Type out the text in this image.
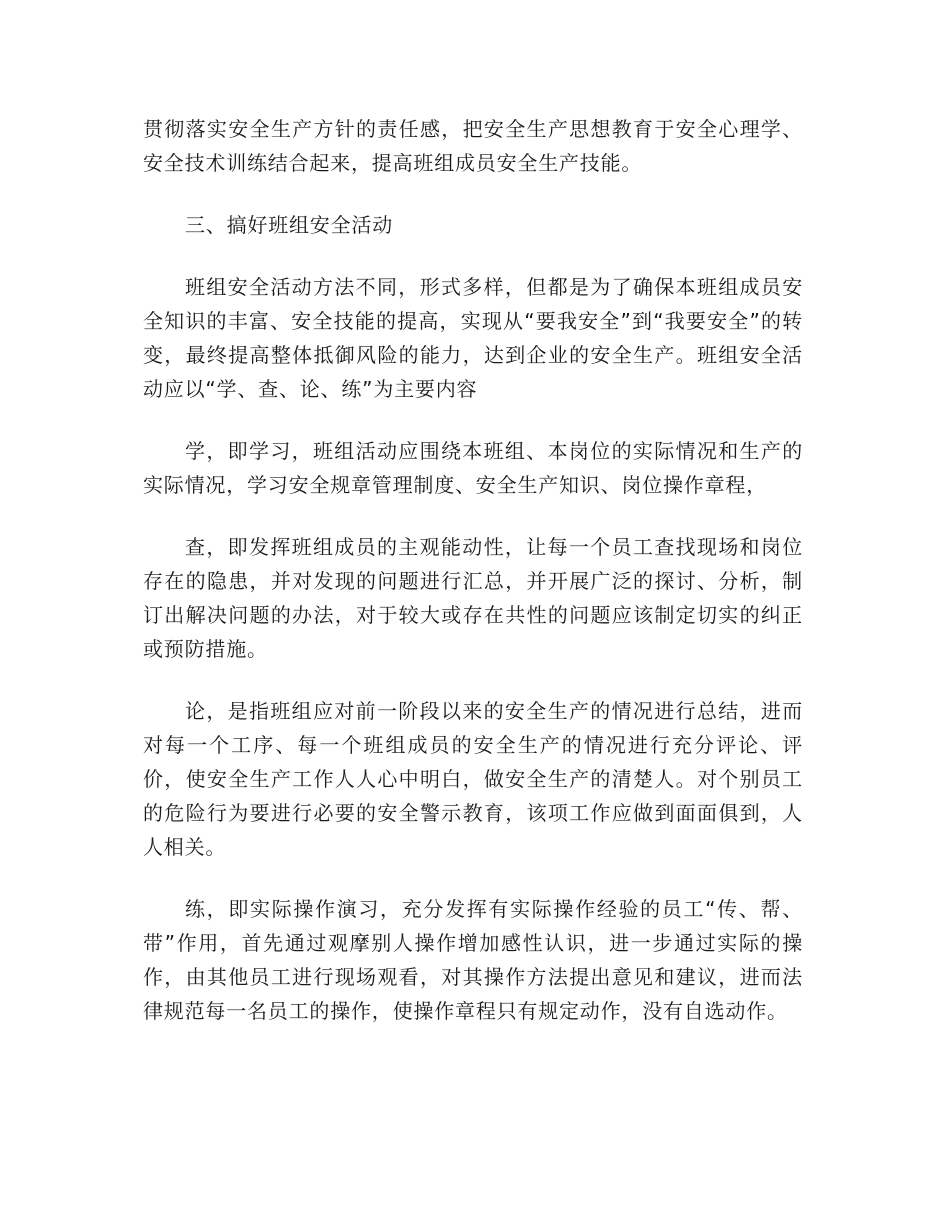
贯彻落实安全生产方针的责任感，把安全生产思想教育于安全心理学、安全技术训练结合起来，提高班组成员安全生产技能。

三、搞好班组安全活动

班组安全活动方法不同，形式多样，但都是为了确保本班组成员安全知识的丰富、安全技能的提高，实现从“要我安全”到“我要安全”的转变，最终提高整体抵御风险的能力，达到企业的安全生产。班组安全活动应以“学、查、论、练”为主要内容

学，即学习，班组活动应围绕本班组、本岗位的实际情况和生产的实际情况，学习安全规章管理制度、安全生产知识、岗位操作章程，

查，即发挥班组成员的主观能动性，让每一个员工查找现场和岗位存在的隐患，并对发现的问题进行汇总，并开展广泛的探讨、分析，制订出解决问题的办法，对于较大或存在共性的问题应该制定切实的纠正或预防措施。

论，是指班组应对前一阶段以来的安全生产的情况进行总结，进而对每一个工序、每一个班组成员的安全生产的情况进行充分评论、评价，使安全生产工作人人心中明白，做安全生产的清楚人。对个别员工的危险行为要进行必要的安全警示教育，该项工作应做到面面俱到，人人相关。

练，即实际操作演习，充分发挥有实际操作经验的员工“传、帮、带”作用，首先通过观摩别人操作增加感性认识，进一步通过实际的操作，由其他员工进行现场观看，对其操作方法提出意见和建议，进而法律规范每一名员工的操作，使操作章程只有规定动作，没有自选动作。
